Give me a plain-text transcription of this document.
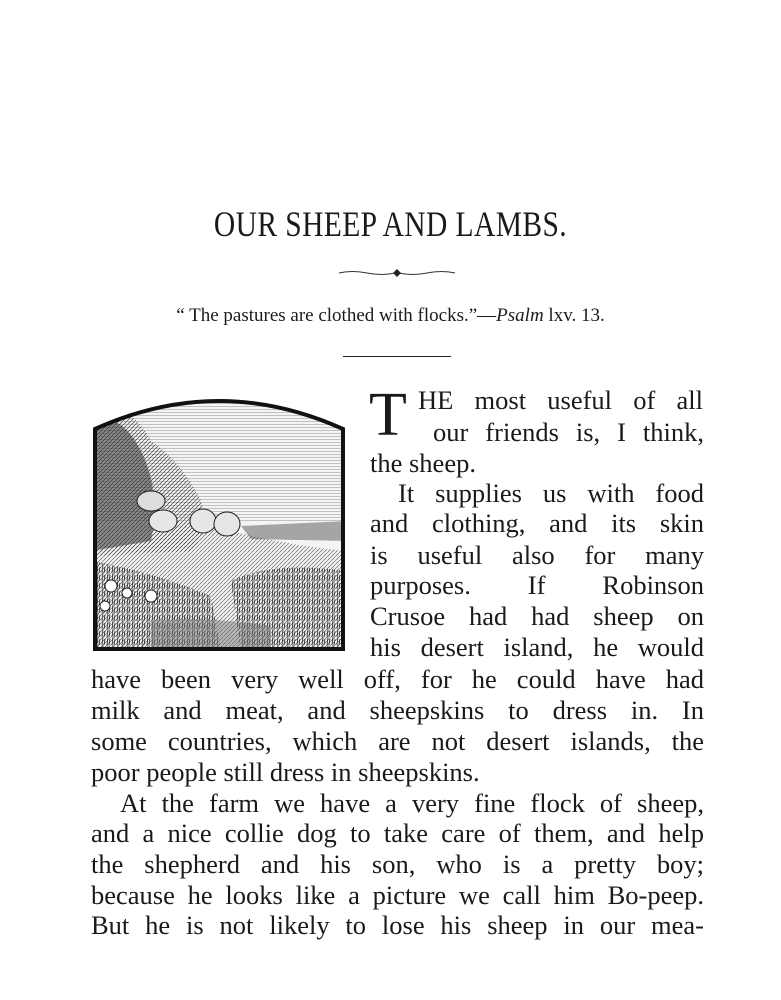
OUR SHEEP AND LAMBS.
“ The pastures are clothed with flocks.”—Psalm lxv. 13.
T HE most useful of all
our friends is, I think,
the sheep.
It supplies us with food
and clothing, and its skin
is useful also for many
purposes. If Robinson
Crusoe had had sheep on
his desert island, he would
have been very well off, for he could have had
milk and meat, and sheepskins to dress in. In
some countries, which are not desert islands, the
poor people still dress in sheepskins.
At the farm we have a very fine flock of sheep,
and a nice collie dog to take care of them, and help
the shepherd and his son, who is a pretty boy;
because he looks like a picture we call him Bo-peep.
But he is not likely to lose his sheep in our mea-
